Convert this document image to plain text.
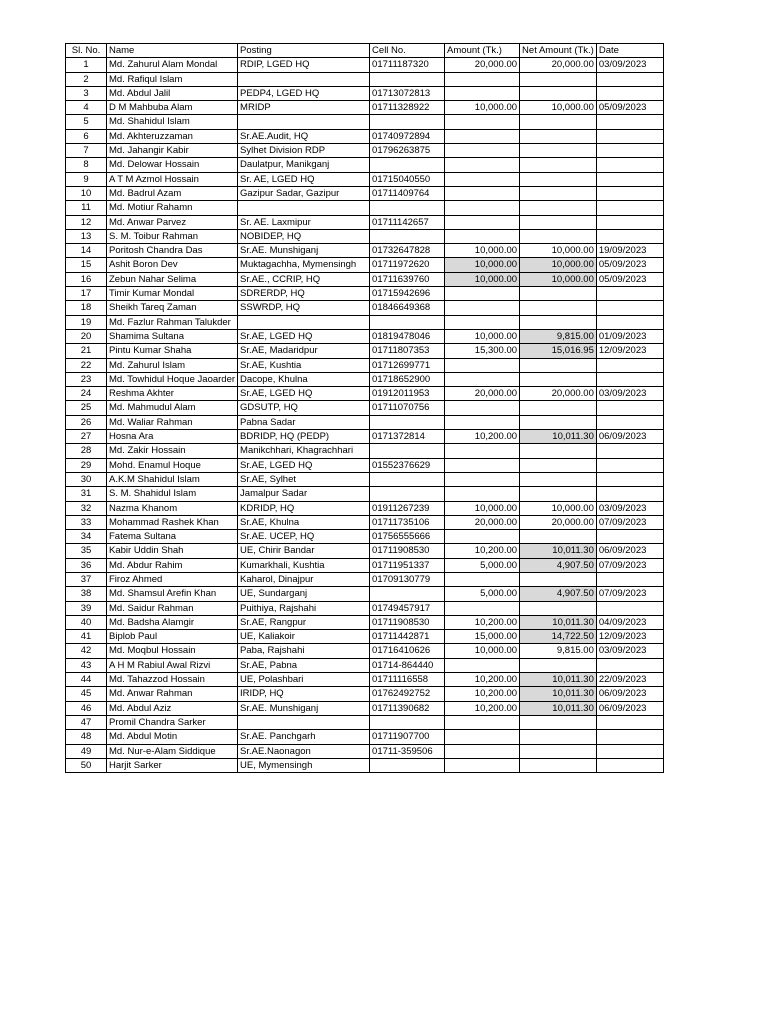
Sl. No.	Name	Posting	Cell No.	Amount (Tk.)	Net Amount (Tk.)	Date
1	Md. Zahurul Alam Mondal	RDIP, LGED HQ	01711187320	20,000.00	20,000.00	03/09/2023
2	Md. Rafiqul Islam					
3	Md. Abdul Jalil	PEDP4, LGED HQ	01713072813			
4	D M Mahbuba Alam	MRIDP	01711328922	10,000.00	10,000.00	05/09/2023
5	Md. Shahidul Islam					
6	Md. Akhteruzzaman	Sr.AE.Audit, HQ	01740972894			
7	Md. Jahangir Kabir	Sylhet Division RDP	01796263875			
8	Md. Delowar Hossain	Daulatpur, Manikganj				
9	A T M Azmol Hossain	Sr. AE, LGED HQ	01715040550			
10	Md. Badrul Azam	Gazipur Sadar, Gazipur	01711409764			
11	Md. Motiur Rahamn					
12	Md. Anwar Parvez	Sr. AE. Laxmipur	01711142657			
13	S. M. Toibur Rahman	NOBIDEP, HQ				
14	Poritosh Chandra Das	Sr.AE. Munshiganj	01732647828	10,000.00	10,000.00	19/09/2023
15	Ashit Boron Dev	Muktagachha, Mymensingh	01711972620	10,000.00	10,000.00	05/09/2023
16	Zebun Nahar Selima	Sr.AE., CCRIP, HQ	01711639760	10,000.00	10,000.00	05/09/2023
17	Timir Kumar Mondal	SDRERDP, HQ	01715942696			
18	Sheikh Tareq Zaman	SSWRDP, HQ	01846649368			
19	Md. Fazlur Rahman Talukder					
20	Shamima Sultana	Sr.AE, LGED HQ	01819478046	10,000.00	9,815.00	01/09/2023
21	Pintu Kumar Shaha	Sr.AE, Madaridpur	01711807353	15,300.00	15,016.95	12/09/2023
22	Md. Zahurul Islam	Sr.AE, Kushtia	01712699771			
23	Md. Towhidul Hoque Jaoarder	Dacope, Khulna	01718652900			
24	Reshma Akhter	Sr.AE, LGED HQ	01912011953	20,000.00	20,000.00	03/09/2023
25	Md. Mahmudul Alam	GDSUTP, HQ	01711070756			
26	Md. Waliar Rahman	Pabna Sadar				
27	Hosna Ara	BDRIDP, HQ (PEDP)	0171372814	10,200.00	10,011.30	06/09/2023
28	Md. Zakir Hossain	Manikchhari, Khagrachhari				
29	Mohd. Enamul Hoque	Sr.AE, LGED HQ	01552376629			
30	A.K.M Shahidul Islam	Sr.AE, Sylhet				
31	S. M. Shahidul Islam	Jamalpur Sadar				
32	Nazma Khanom	KDRIDP, HQ	01911267239	10,000.00	10,000.00	03/09/2023
33	Mohammad Rashek Khan	Sr.AE, Khulna	01711735106	20,000.00	20,000.00	07/09/2023
34	Fatema Sultana	Sr.AE. UCEP, HQ	01756555666			
35	Kabir Uddin Shah	UE, Chirir Bandar	01711908530	10,200.00	10,011.30	06/09/2023
36	Md. Abdur Rahim	Kumarkhali, Kushtia	01711951337	5,000.00	4,907.50	07/09/2023
37	Firoz Ahmed	Kaharol, Dinajpur	01709130779			
38	Md. Shamsul Arefin Khan	UE, Sundarganj		5,000.00	4,907.50	07/09/2023
39	Md. Saidur Rahman	Puithiya, Rajshahi	01749457917			
40	Md. Badsha Alamgir	Sr.AE, Rangpur	01711908530	10,200.00	10,011.30	04/09/2023
41	Biplob Paul	UE, Kaliakoir	01711442871	15,000.00	14,722.50	12/09/2023
42	Md. Moqbul Hossain	Paba, Rajshahi	01716410626	10,000.00	9,815.00	03/09/2023
43	A H M Rabiul Awal Rizvi	Sr.AE, Pabna	01714-864440			
44	Md. Tahazzod Hossain	UE, Polashbari	01711116558	10,200.00	10,011.30	22/09/2023
45	Md. Anwar Rahman	IRIDP, HQ	01762492752	10,200.00	10,011.30	06/09/2023
46	Md. Abdul Aziz	Sr.AE. Munshiganj	01711390682	10,200.00	10,011.30	06/09/2023
47	Promil Chandra Sarker					
48	Md. Abdul Motin	Sr.AE. Panchgarh	01711907700			
49	Md. Nur-e-Alam Siddique	Sr.AE.Naonagon	01711-359506			
50	Harjit Sarker	UE, Mymensingh				
